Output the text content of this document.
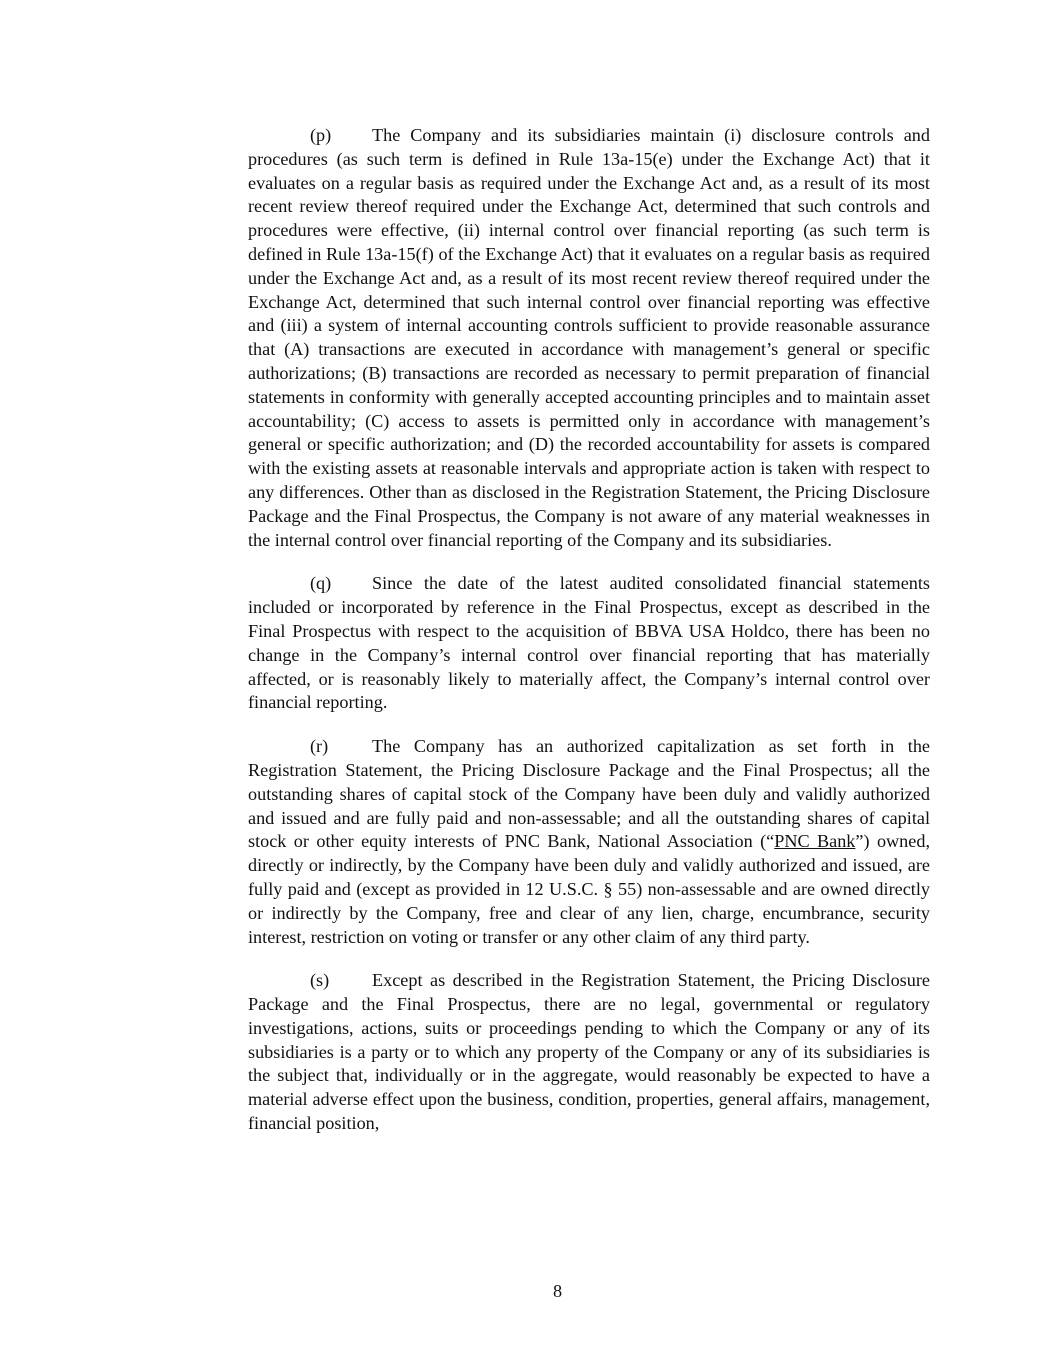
(p) The Company and its subsidiaries maintain (i) disclosure controls and procedures (as such term is defined in Rule 13a-15(e) under the Exchange Act) that it evaluates on a regular basis as required under the Exchange Act and, as a result of its most recent review thereof required under the Exchange Act, determined that such controls and procedures were effective, (ii) internal control over financial reporting (as such term is defined in Rule 13a-15(f) of the Exchange Act) that it evaluates on a regular basis as required under the Exchange Act and, as a result of its most recent review thereof required under the Exchange Act, determined that such internal control over financial reporting was effective and (iii) a system of internal accounting controls sufficient to provide reasonable assurance that (A) transactions are executed in accordance with management’s general or specific authorizations; (B) transactions are recorded as necessary to permit preparation of financial statements in conformity with generally accepted accounting principles and to maintain asset accountability; (C) access to assets is permitted only in accordance with management’s general or specific authorization; and (D) the recorded accountability for assets is compared with the existing assets at reasonable intervals and appropriate action is taken with respect to any differences. Other than as disclosed in the Registration Statement, the Pricing Disclosure Package and the Final Prospectus, the Company is not aware of any material weaknesses in the internal control over financial reporting of the Company and its subsidiaries.

(q) Since the date of the latest audited consolidated financial statements included or incorporated by reference in the Final Prospectus, except as described in the Final Prospectus with respect to the acquisition of BBVA USA Holdco, there has been no change in the Company’s internal control over financial reporting that has materially affected, or is reasonably likely to materially affect, the Company’s internal control over financial reporting.

(r) The Company has an authorized capitalization as set forth in the Registration Statement, the Pricing Disclosure Package and the Final Prospectus; all the outstanding shares of capital stock of the Company have been duly and validly authorized and issued and are fully paid and non-assessable; and all the outstanding shares of capital stock or other equity interests of PNC Bank, National Association (“PNC Bank”) owned, directly or indirectly, by the Company have been duly and validly authorized and issued, are fully paid and (except as provided in 12 U.S.C. § 55) non-assessable and are owned directly or indirectly by the Company, free and clear of any lien, charge, encumbrance, security interest, restriction on voting or transfer or any other claim of any third party.

(s) Except as described in the Registration Statement, the Pricing Disclosure Package and the Final Prospectus, there are no legal, governmental or regulatory investigations, actions, suits or proceedings pending to which the Company or any of its subsidiaries is a party or to which any property of the Company or any of its subsidiaries is the subject that, individually or in the aggregate, would reasonably be expected to have a material adverse effect upon the business, condition, properties, general affairs, management, financial position,

8
